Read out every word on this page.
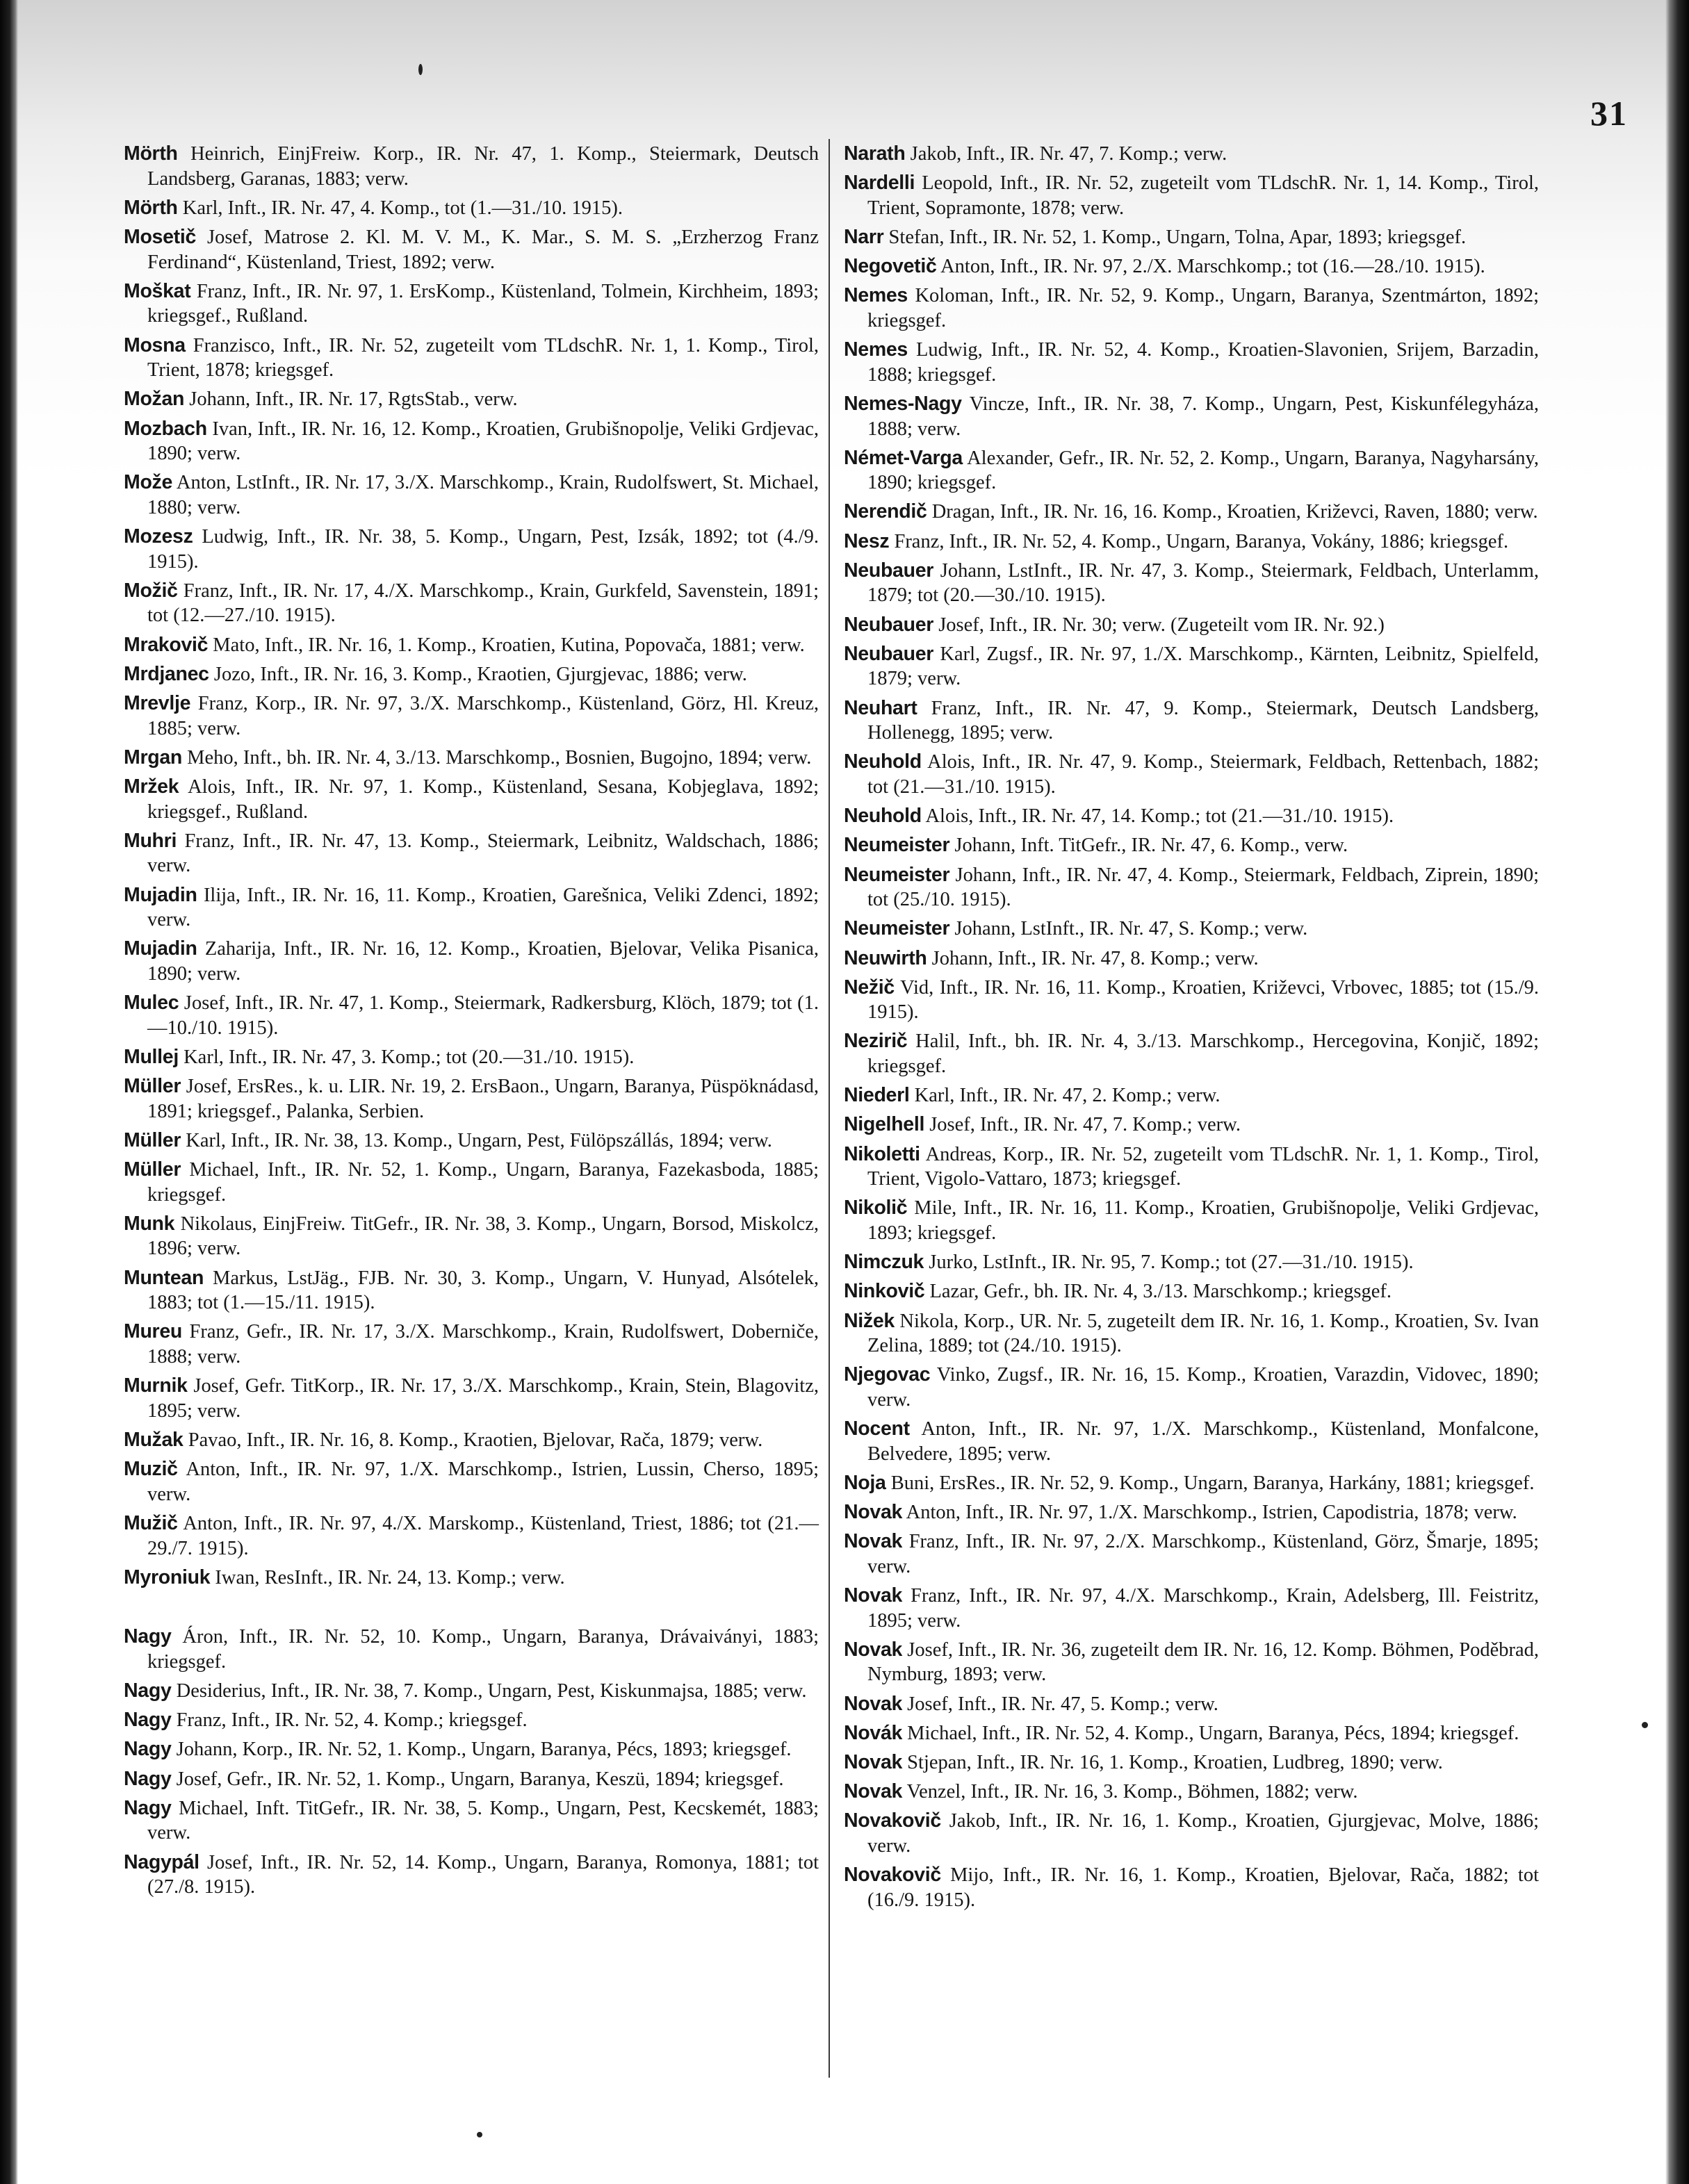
31
Mörth Heinrich, EinjFreiw. Korp., IR. Nr. 47, 1. Komp., Steiermark, Deutsch Landsberg, Garanas, 1883; verw.
Mörth Karl, Inft., IR. Nr. 47, 4. Komp., tot (1.—31./10. 1915).
Mosetič Josef, Matrose 2. Kl. M. V. M., K. Mar., S. M. S. „Erzherzog Franz Ferdinand“, Küstenland, Triest, 1892; verw.
Moškat Franz, Inft., IR. Nr. 97, 1. ErsKomp., Küstenland, Tolmein, Kirchheim, 1893; kriegsgef., Rußland.
Mosna Franzisco, Inft., IR. Nr. 52, zugeteilt vom TLdschR. Nr. 1, 1. Komp., Tirol, Trient, 1878; kriegsgef.
Možan Johann, Inft., IR. Nr. 17, RgtsStab., verw.
Mozbach Ivan, Inft., IR. Nr. 16, 12. Komp., Kroatien, Grubišnopolje, Veliki Grdjevac, 1890; verw.
Može Anton, LstInft., IR. Nr. 17, 3./X. Marschkomp., Krain, Rudolfswert, St. Michael, 1880; verw.
Mozesz Ludwig, Inft., IR. Nr. 38, 5. Komp., Ungarn, Pest, Izsák, 1892; tot (4./9. 1915).
Možič Franz, Inft., IR. Nr. 17, 4./X. Marschkomp., Krain, Gurkfeld, Savenstein, 1891; tot (12.—27./10. 1915).
Mrakovič Mato, Inft., IR. Nr. 16, 1. Komp., Kroatien, Kutina, Popovača, 1881; verw.
Mrdjanec Jozo, Inft., IR. Nr. 16, 3. Komp., Kraotien, Gjurgjevac, 1886; verw.
Mrevlje Franz, Korp., IR. Nr. 97, 3./X. Marschkomp., Küstenland, Görz, Hl. Kreuz, 1885; verw.
Mrgan Meho, Inft., bh. IR. Nr. 4, 3./13. Marschkomp., Bosnien, Bugojno, 1894; verw.
Mržek Alois, Inft., IR. Nr. 97, 1. Komp., Küstenland, Sesana, Kobjeglava, 1892; kriegsgef., Rußland.
Muhri Franz, Inft., IR. Nr. 47, 13. Komp., Steiermark, Leibnitz, Waldschach, 1886; verw.
Mujadin Ilija, Inft., IR. Nr. 16, 11. Komp., Kroatien, Garešnica, Veliki Zdenci, 1892; verw.
Mujadin Zaharija, Inft., IR. Nr. 16, 12. Komp., Kroatien, Bjelovar, Velika Pisanica, 1890; verw.
Mulec Josef, Inft., IR. Nr. 47, 1. Komp., Steiermark, Radkersburg, Klöch, 1879; tot (1.—10./10. 1915).
Mullej Karl, Inft., IR. Nr. 47, 3. Komp.; tot (20.—31./10. 1915).
Müller Josef, ErsRes., k. u. LIR. Nr. 19, 2. ErsBaon., Ungarn, Baranya, Püspöknádasd, 1891; kriegsgef., Palanka, Serbien.
Müller Karl, Inft., IR. Nr. 38, 13. Komp., Ungarn, Pest, Fülöpszállás, 1894; verw.
Müller Michael, Inft., IR. Nr. 52, 1. Komp., Ungarn, Baranya, Fazekasboda, 1885; kriegsgef.
Munk Nikolaus, EinjFreiw. TitGefr., IR. Nr. 38, 3. Komp., Ungarn, Borsod, Miskolcz, 1896; verw.
Muntean Markus, LstJäg., FJB. Nr. 30, 3. Komp., Ungarn, V. Hunyad, Alsótelek, 1883; tot (1.—15./11. 1915).
Mureu Franz, Gefr., IR. Nr. 17, 3./X. Marschkomp., Krain, Rudolfswert, Doberniče, 1888; verw.
Murnik Josef, Gefr. TitKorp., IR. Nr. 17, 3./X. Marschkomp., Krain, Stein, Blagovitz, 1895; verw.
Mužak Pavao, Inft., IR. Nr. 16, 8. Komp., Kraotien, Bjelovar, Rača, 1879; verw.
Muzič Anton, Inft., IR. Nr. 97, 1./X. Marschkomp., Istrien, Lussin, Cherso, 1895; verw.
Mužič Anton, Inft., IR. Nr. 97, 4./X. Marskomp., Küstenland, Triest, 1886; tot (21.—29./7. 1915).
Myroniuk Iwan, ResInft., IR. Nr. 24, 13. Komp.; verw.
Nagy Áron, Inft., IR. Nr. 52, 10. Komp., Ungarn, Baranya, Drávaiványi, 1883; kriegsgef.
Nagy Desiderius, Inft., IR. Nr. 38, 7. Komp., Ungarn, Pest, Kiskunmajsa, 1885; verw.
Nagy Franz, Inft., IR. Nr. 52, 4. Komp.; kriegsgef.
Nagy Johann, Korp., IR. Nr. 52, 1. Komp., Ungarn, Baranya, Pécs, 1893; kriegsgef.
Nagy Josef, Gefr., IR. Nr. 52, 1. Komp., Ungarn, Baranya, Keszü, 1894; kriegsgef.
Nagy Michael, Inft. TitGefr., IR. Nr. 38, 5. Komp., Ungarn, Pest, Kecskemét, 1883; verw.
Nagypál Josef, Inft., IR. Nr. 52, 14. Komp., Ungarn, Baranya, Romonya, 1881; tot (27./8. 1915).
Narath Jakob, Inft., IR. Nr. 47, 7. Komp.; verw.
Nardelli Leopold, Inft., IR. Nr. 52, zugeteilt vom TLdschR. Nr. 1, 14. Komp., Tirol, Trient, Sopramonte, 1878; verw.
Narr Stefan, Inft., IR. Nr. 52, 1. Komp., Ungarn, Tolna, Apar, 1893; kriegsgef.
Negovetič Anton, Inft., IR. Nr. 97, 2./X. Marschkomp.; tot (16.—28./10. 1915).
Nemes Koloman, Inft., IR. Nr. 52, 9. Komp., Ungarn, Baranya, Szentmárton, 1892; kriegsgef.
Nemes Ludwig, Inft., IR. Nr. 52, 4. Komp., Kroatien-Slavonien, Srijem, Barzadin, 1888; kriegsgef.
Nemes-Nagy Vincze, Inft., IR. Nr. 38, 7. Komp., Ungarn, Pest, Kiskunfélegyháza, 1888; verw.
Német-Varga Alexander, Gefr., IR. Nr. 52, 2. Komp., Ungarn, Baranya, Nagyharsány, 1890; kriegsgef.
Nerendič Dragan, Inft., IR. Nr. 16, 16. Komp., Kroatien, Križevci, Raven, 1880; verw.
Nesz Franz, Inft., IR. Nr. 52, 4. Komp., Ungarn, Baranya, Vokány, 1886; kriegsgef.
Neubauer Johann, LstInft., IR. Nr. 47, 3. Komp., Steiermark, Feldbach, Unterlamm, 1879; tot (20.—30./10. 1915).
Neubauer Josef, Inft., IR. Nr. 30; verw. (Zugeteilt vom IR. Nr. 92.)
Neubauer Karl, Zugsf., IR. Nr. 97, 1./X. Marschkomp., Kärnten, Leibnitz, Spielfeld, 1879; verw.
Neuhart Franz, Inft., IR. Nr. 47, 9. Komp., Steiermark, Deutsch Landsberg, Hollenegg, 1895; verw.
Neuhold Alois, Inft., IR. Nr. 47, 9. Komp., Steiermark, Feldbach, Rettenbach, 1882; tot (21.—31./10. 1915).
Neuhold Alois, Inft., IR. Nr. 47, 14. Komp.; tot (21.—31./10. 1915).
Neumeister Johann, Inft. TitGefr., IR. Nr. 47, 6. Komp., verw.
Neumeister Johann, Inft., IR. Nr. 47, 4. Komp., Steiermark, Feldbach, Ziprein, 1890; tot (25./10. 1915).
Neumeister Johann, LstInft., IR. Nr. 47, S. Komp.; verw.
Neuwirth Johann, Inft., IR. Nr. 47, 8. Komp.; verw.
Nežič Vid, Inft., IR. Nr. 16, 11. Komp., Kroatien, Križevci, Vrbovec, 1885; tot (15./9. 1915).
Nezirič Halil, Inft., bh. IR. Nr. 4, 3./13. Marschkomp., Hercegovina, Konjič, 1892; kriegsgef.
Niederl Karl, Inft., IR. Nr. 47, 2. Komp.; verw.
Nigelhell Josef, Inft., IR. Nr. 47, 7. Komp.; verw.
Nikoletti Andreas, Korp., IR. Nr. 52, zugeteilt vom TLdschR. Nr. 1, 1. Komp., Tirol, Trient, Vigolo-Vattaro, 1873; kriegsgef.
Nikolič Mile, Inft., IR. Nr. 16, 11. Komp., Kroatien, Grubišnopolje, Veliki Grdjevac, 1893; kriegsgef.
Nimczuk Jurko, LstInft., IR. Nr. 95, 7. Komp.; tot (27.—31./10. 1915).
Ninkovič Lazar, Gefr., bh. IR. Nr. 4, 3./13. Marschkomp.; kriegsgef.
Nižek Nikola, Korp., UR. Nr. 5, zugeteilt dem IR. Nr. 16, 1. Komp., Kroatien, Sv. Ivan Zelina, 1889; tot (24./10. 1915).
Njegovac Vinko, Zugsf., IR. Nr. 16, 15. Komp., Kroatien, Varazdin, Vidovec, 1890; verw.
Nocent Anton, Inft., IR. Nr. 97, 1./X. Marschkomp., Küstenland, Monfalcone, Belvedere, 1895; verw.
Noja Buni, ErsRes., IR. Nr. 52, 9. Komp., Ungarn, Baranya, Harkány, 1881; kriegsgef.
Novak Anton, Inft., IR. Nr. 97, 1./X. Marschkomp., Istrien, Capodistria, 1878; verw.
Novak Franz, Inft., IR. Nr. 97, 2./X. Marschkomp., Küstenland, Görz, Šmarje, 1895; verw.
Novak Franz, Inft., IR. Nr. 97, 4./X. Marschkomp., Krain, Adelsberg, Ill. Feistritz, 1895; verw.
Novak Josef, Inft., IR. Nr. 36, zugeteilt dem IR. Nr. 16, 12. Komp. Böhmen, Poděbrad, Nymburg, 1893; verw.
Novak Josef, Inft., IR. Nr. 47, 5. Komp.; verw.
Novák Michael, Inft., IR. Nr. 52, 4. Komp., Ungarn, Baranya, Pécs, 1894; kriegsgef.
Novak Stjepan, Inft., IR. Nr. 16, 1. Komp., Kroatien, Ludbreg, 1890; verw.
Novak Venzel, Inft., IR. Nr. 16, 3. Komp., Böhmen, 1882; verw.
Novakovič Jakob, Inft., IR. Nr. 16, 1. Komp., Kroatien, Gjurgjevac, Molve, 1886; verw.
Novakovič Mijo, Inft., IR. Nr. 16, 1. Komp., Kroatien, Bjelovar, Rača, 1882; tot (16./9. 1915).
